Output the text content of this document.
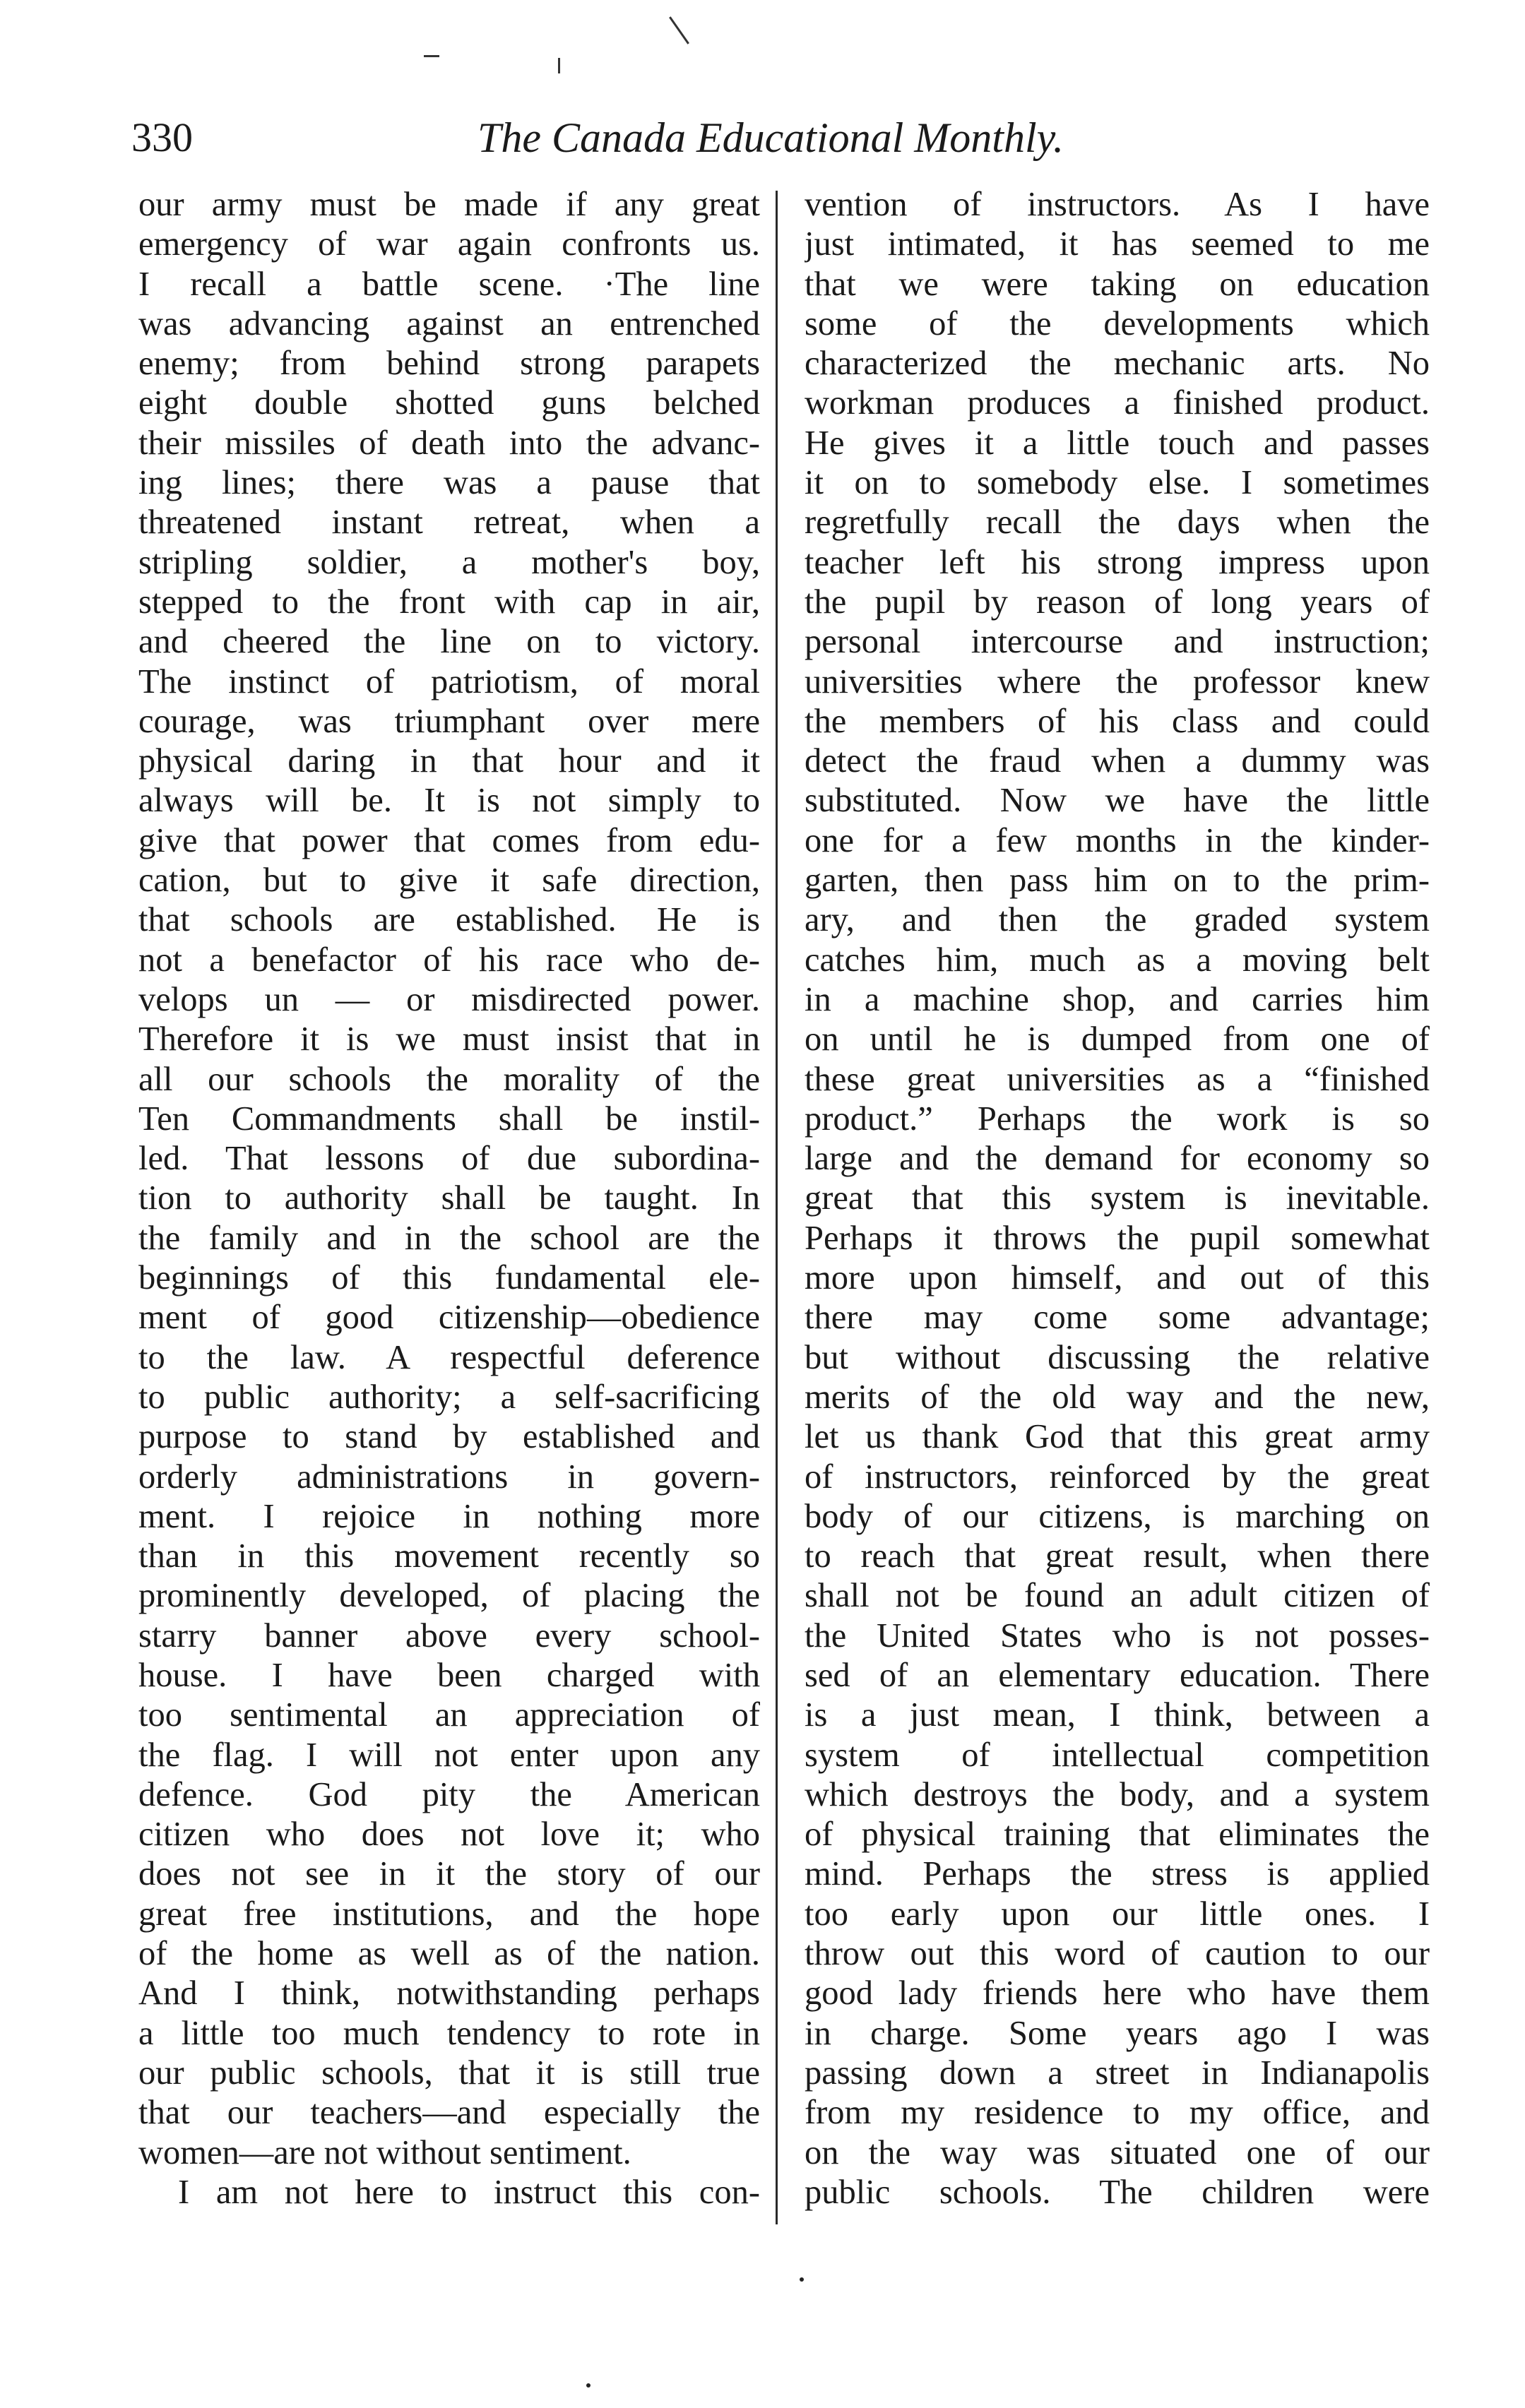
330	The Canada Educational Monthly.
our army must be made if any great
emergency of war again confronts us.
I recall a battle scene. ·The line
was advancing against an entrenched
enemy; from behind strong parapets
eight double shotted guns belched
their missiles of death into the advanc-
ing lines; there was a pause that
threatened instant retreat, when a
stripling soldier, a mother's boy,
stepped to the front with cap in air,
and cheered the line on to victory.
The instinct of patriotism, of moral
courage, was triumphant over mere
physical daring in that hour and it
always will be. It is not simply to
give that power that comes from edu-
cation, but to give it safe direction,
that schools are established. He is
not a benefactor of his race who de-
velops un — or misdirected power.
Therefore it is we must insist that in
all our schools the morality of the
Ten Commandments shall be instil-
led. That lessons of due subordina-
tion to authority shall be taught. In
the family and in the school are the
beginnings of this fundamental ele-
ment of good citizenship—obedience
to the law. A respectful deference
to public authority; a self-sacrificing
purpose to stand by established and
orderly administrations in govern-
ment. I rejoice in nothing more
than in this movement recently so
prominently developed, of placing the
starry banner above every school-
house. I have been charged with
too sentimental an appreciation of
the flag. I will not enter upon any
defence. God pity the American
citizen who does not love it; who
does not see in it the story of our
great free institutions, and the hope
of the home as well as of the nation.
And I think, notwithstanding perhaps
a little too much tendency to rote in
our public schools, that it is still true
that our teachers—and especially the
women—are not without sentiment.
I am not here to instruct this con-
vention of instructors. As I have
just intimated, it has seemed to me
that we were taking on education
some of the developments which
characterized the mechanic arts. No
workman produces a finished product.
He gives it a little touch and passes
it on to somebody else. I sometimes
regretfully recall the days when the
teacher left his strong impress upon
the pupil by reason of long years of
personal intercourse and instruction;
universities where the professor knew
the members of his class and could
detect the fraud when a dummy was
substituted. Now we have the little
one for a few months in the kinder-
garten, then pass him on to the prim-
ary, and then the graded system
catches him, much as a moving belt
in a machine shop, and carries him
on until he is dumped from one of
these great universities as a “finished
product.” Perhaps the work is so
large and the demand for economy so
great that this system is inevitable.
Perhaps it throws the pupil somewhat
more upon himself, and out of this
there may come some advantage;
but without discussing the relative
merits of the old way and the new,
let us thank God that this great army
of instructors, reinforced by the great
body of our citizens, is marching on
to reach that great result, when there
shall not be found an adult citizen of
the United States who is not posses-
sed of an elementary education. There
is a just mean, I think, between a
system of intellectual competition
which destroys the body, and a system
of physical training that eliminates the
mind. Perhaps the stress is applied
too early upon our little ones. I
throw out this word of caution to our
good lady friends here who have them
in charge. Some years ago I was
passing down a street in Indianapolis
from my residence to my office, and
on the way was situated one of our
public schools. The children were
